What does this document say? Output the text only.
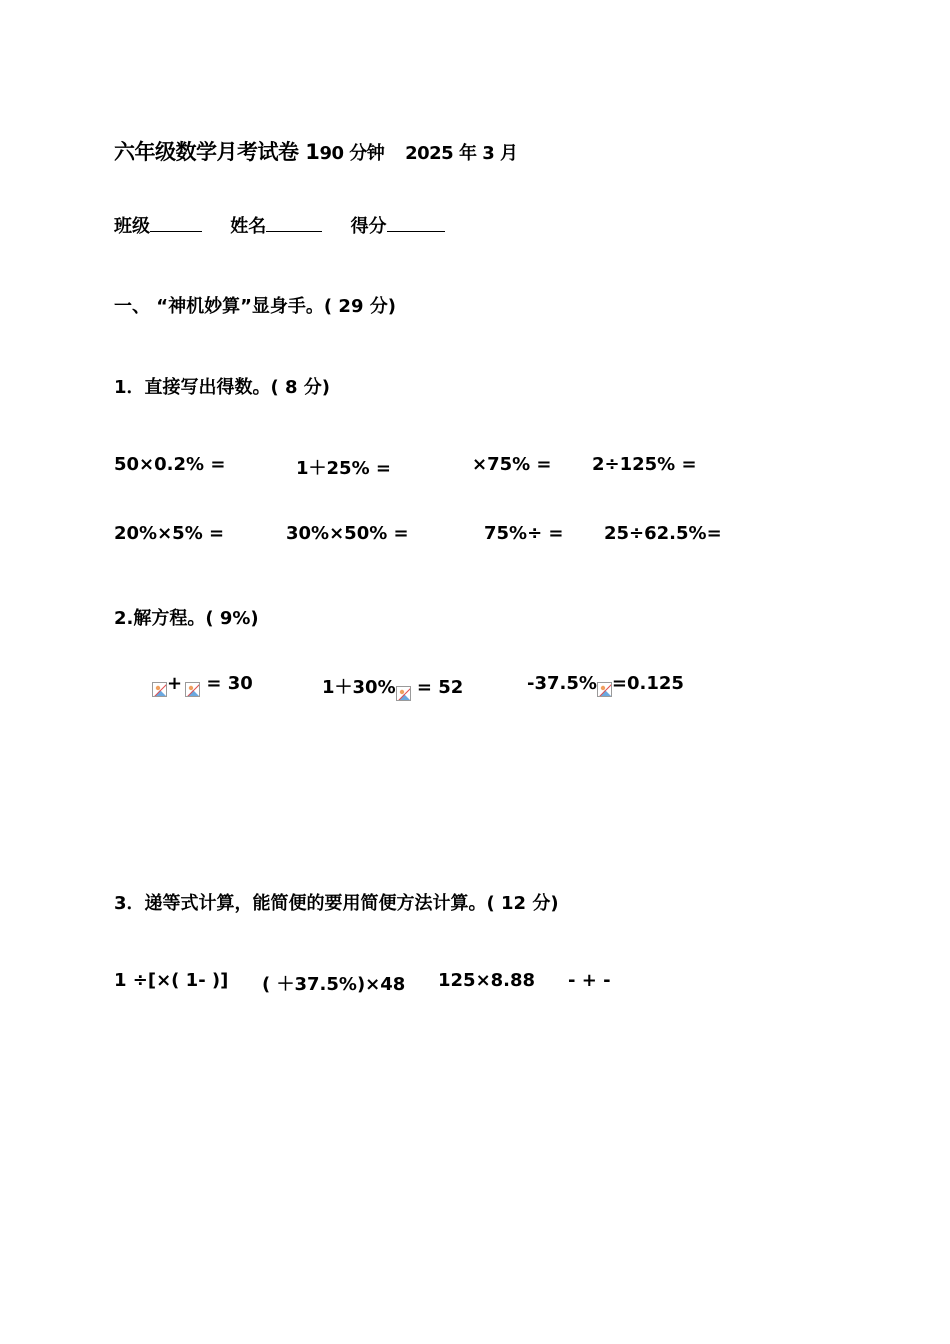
六年级数学月考试卷 190 分钟 2025 年 3 月
班级	姓名	得分
一、 “神机妙算”显身手。( 29 分)
1．直接写出得数。( 8 分)
50×0.2% =	1＋25% =	×75% = 2÷125% =
20%×5% =	30%×50% =	75%÷ = 25÷62.5%=
2.解方程。( 9%)
+ = 30	1＋30% = 52	-37.5% =0.125
3．递等式计算，能简便的要用简便方法计算。( 12 分)
1 ÷[×( 1- )] ( ＋37.5%)×48 125×8.88 - + -
